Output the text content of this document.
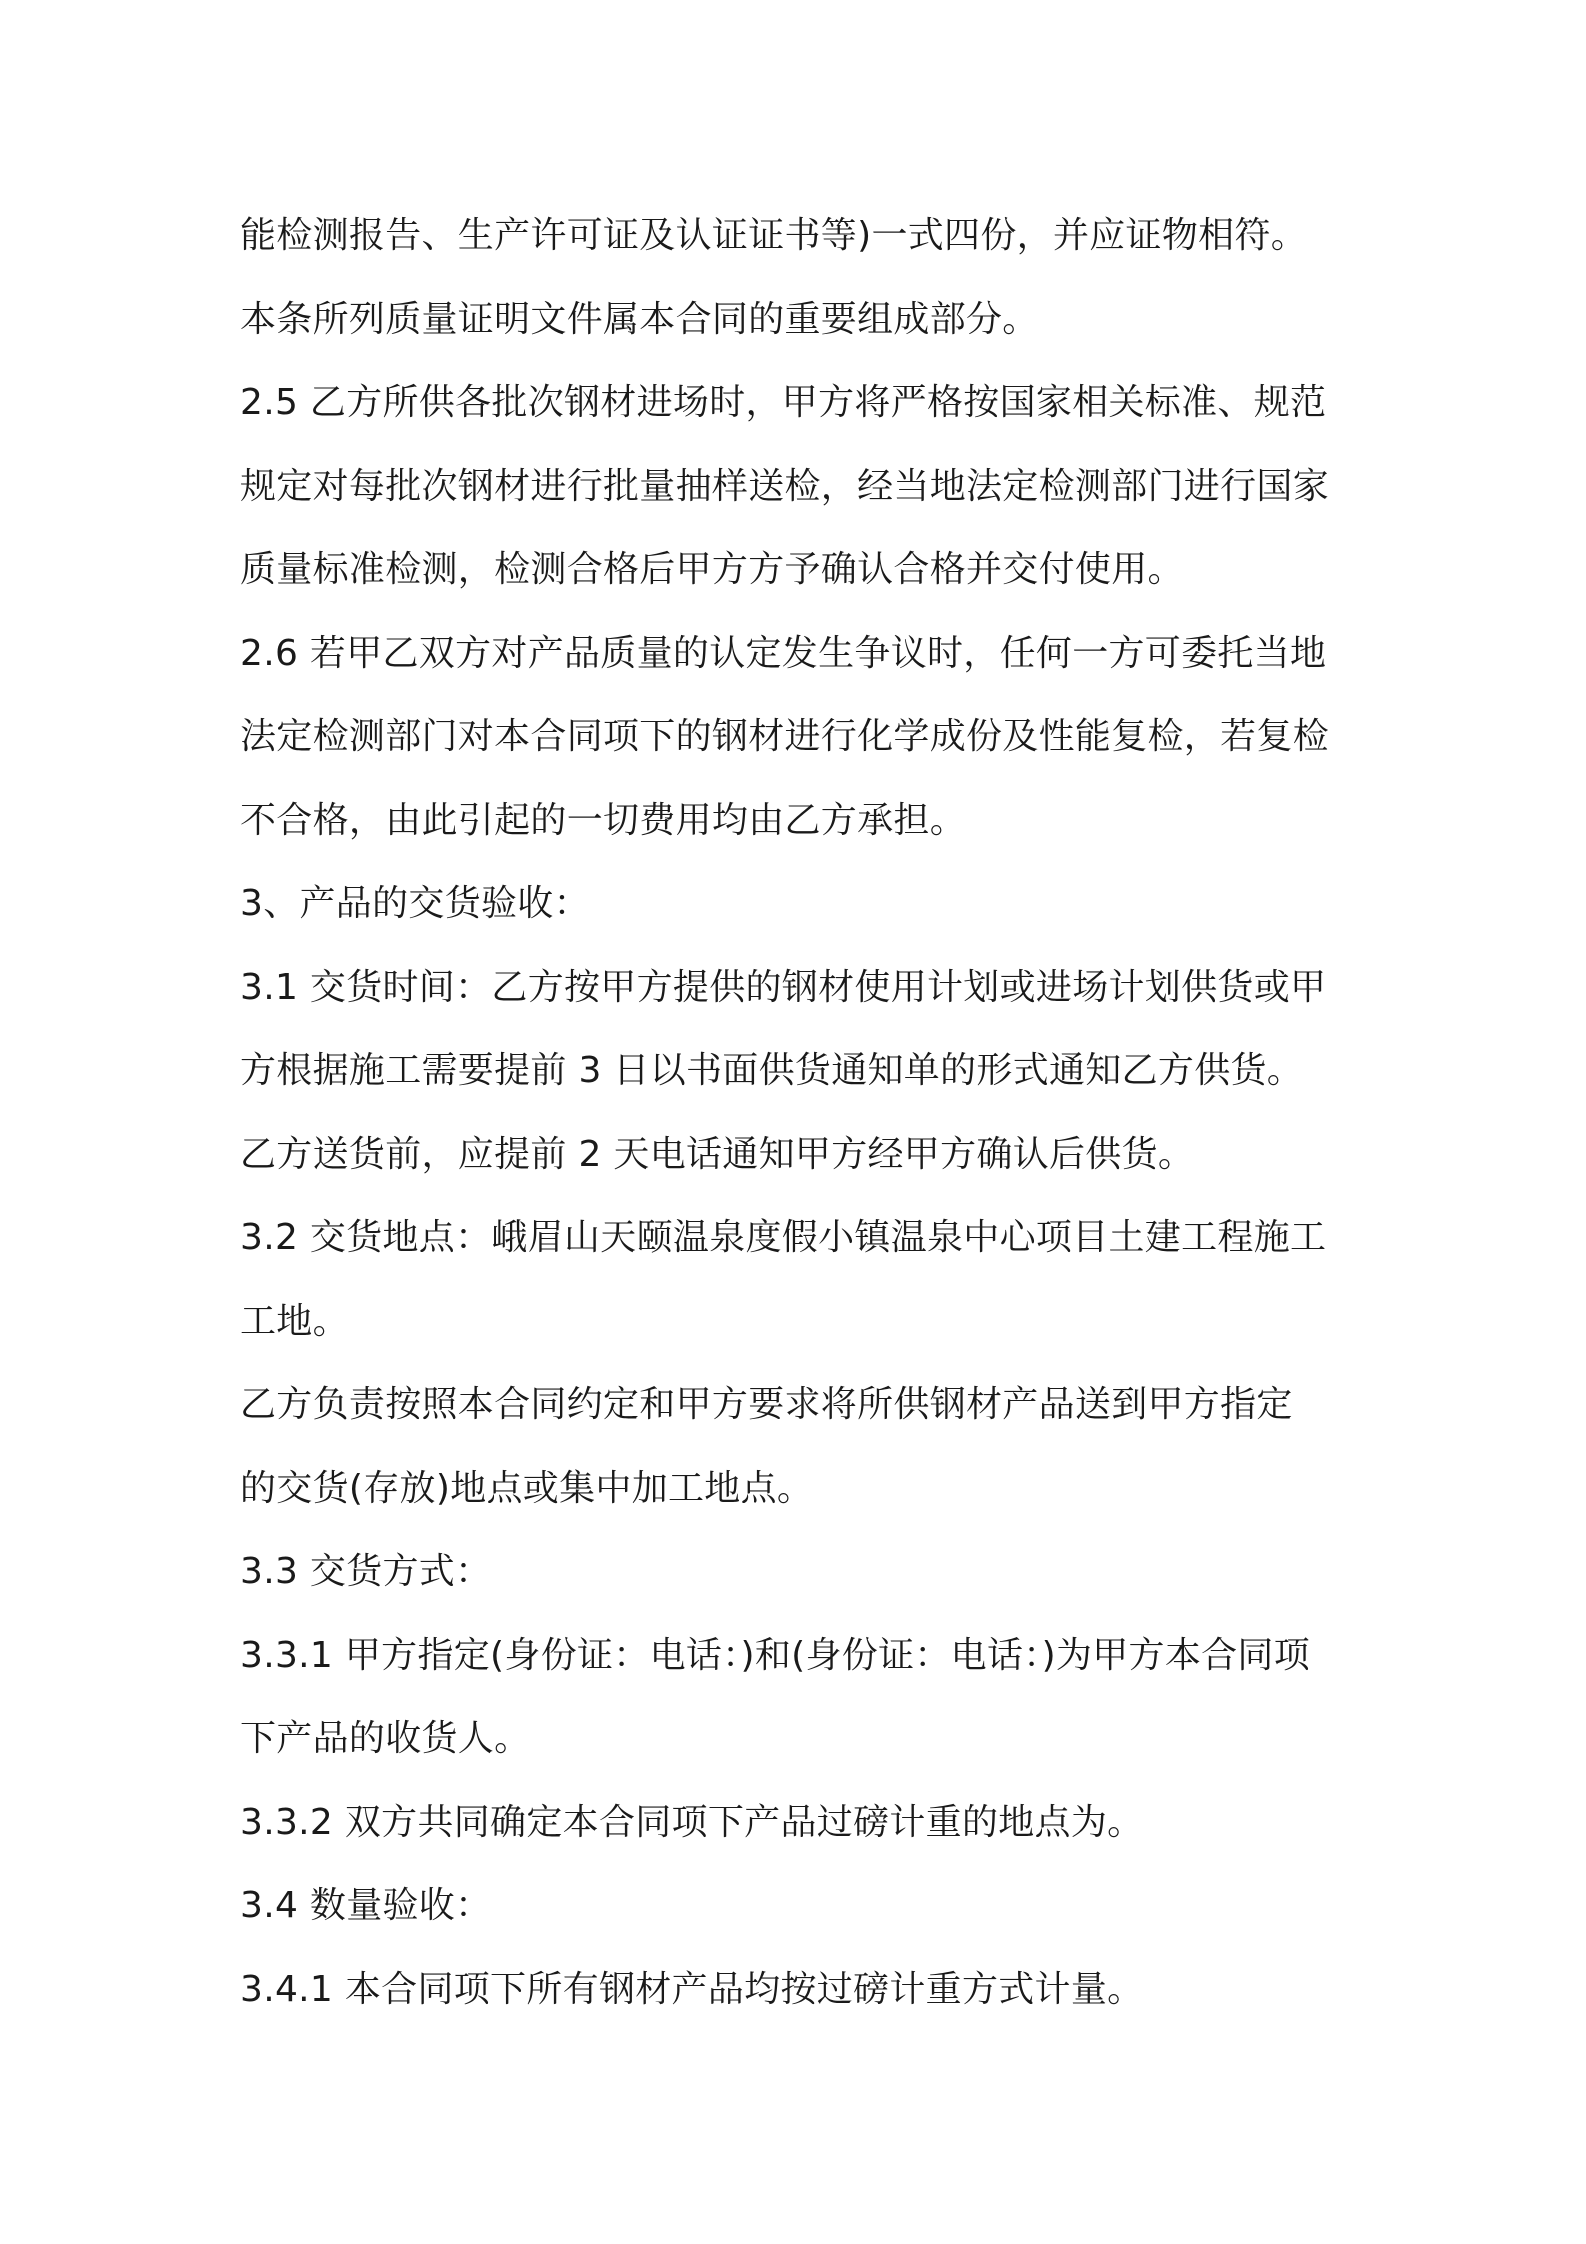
能检测报告、生产许可证及认证证书等)一式四份，并应证物相符。
本条所列质量证明文件属本合同的重要组成部分。
2.5 乙方所供各批次钢材进场时，甲方将严格按国家相关标准、规范
规定对每批次钢材进行批量抽样送检，经当地法定检测部门进行国家
质量标准检测，检测合格后甲方方予确认合格并交付使用。
2.6 若甲乙双方对产品质量的认定发生争议时，任何一方可委托当地
法定检测部门对本合同项下的钢材进行化学成份及性能复检，若复检
不合格，由此引起的一切费用均由乙方承担。
3、产品的交货验收：
3.1 交货时间：乙方按甲方提供的钢材使用计划或进场计划供货或甲
方根据施工需要提前 3 日以书面供货通知单的形式通知乙方供货。
乙方送货前，应提前 2 天电话通知甲方经甲方确认后供货。
3.2 交货地点：峨眉山天颐温泉度假小镇温泉中心项目土建工程施工
工地。
乙方负责按照本合同约定和甲方要求将所供钢材产品送到甲方指定
的交货(存放)地点或集中加工地点。
3.3 交货方式：
3.3.1 甲方指定(身份证：电话：)和(身份证：电话：)为甲方本合同项
下产品的收货人。
3.3.2 双方共同确定本合同项下产品过磅计重的地点为。
3.4 数量验收：
3.4.1 本合同项下所有钢材产品均按过磅计重方式计量。
